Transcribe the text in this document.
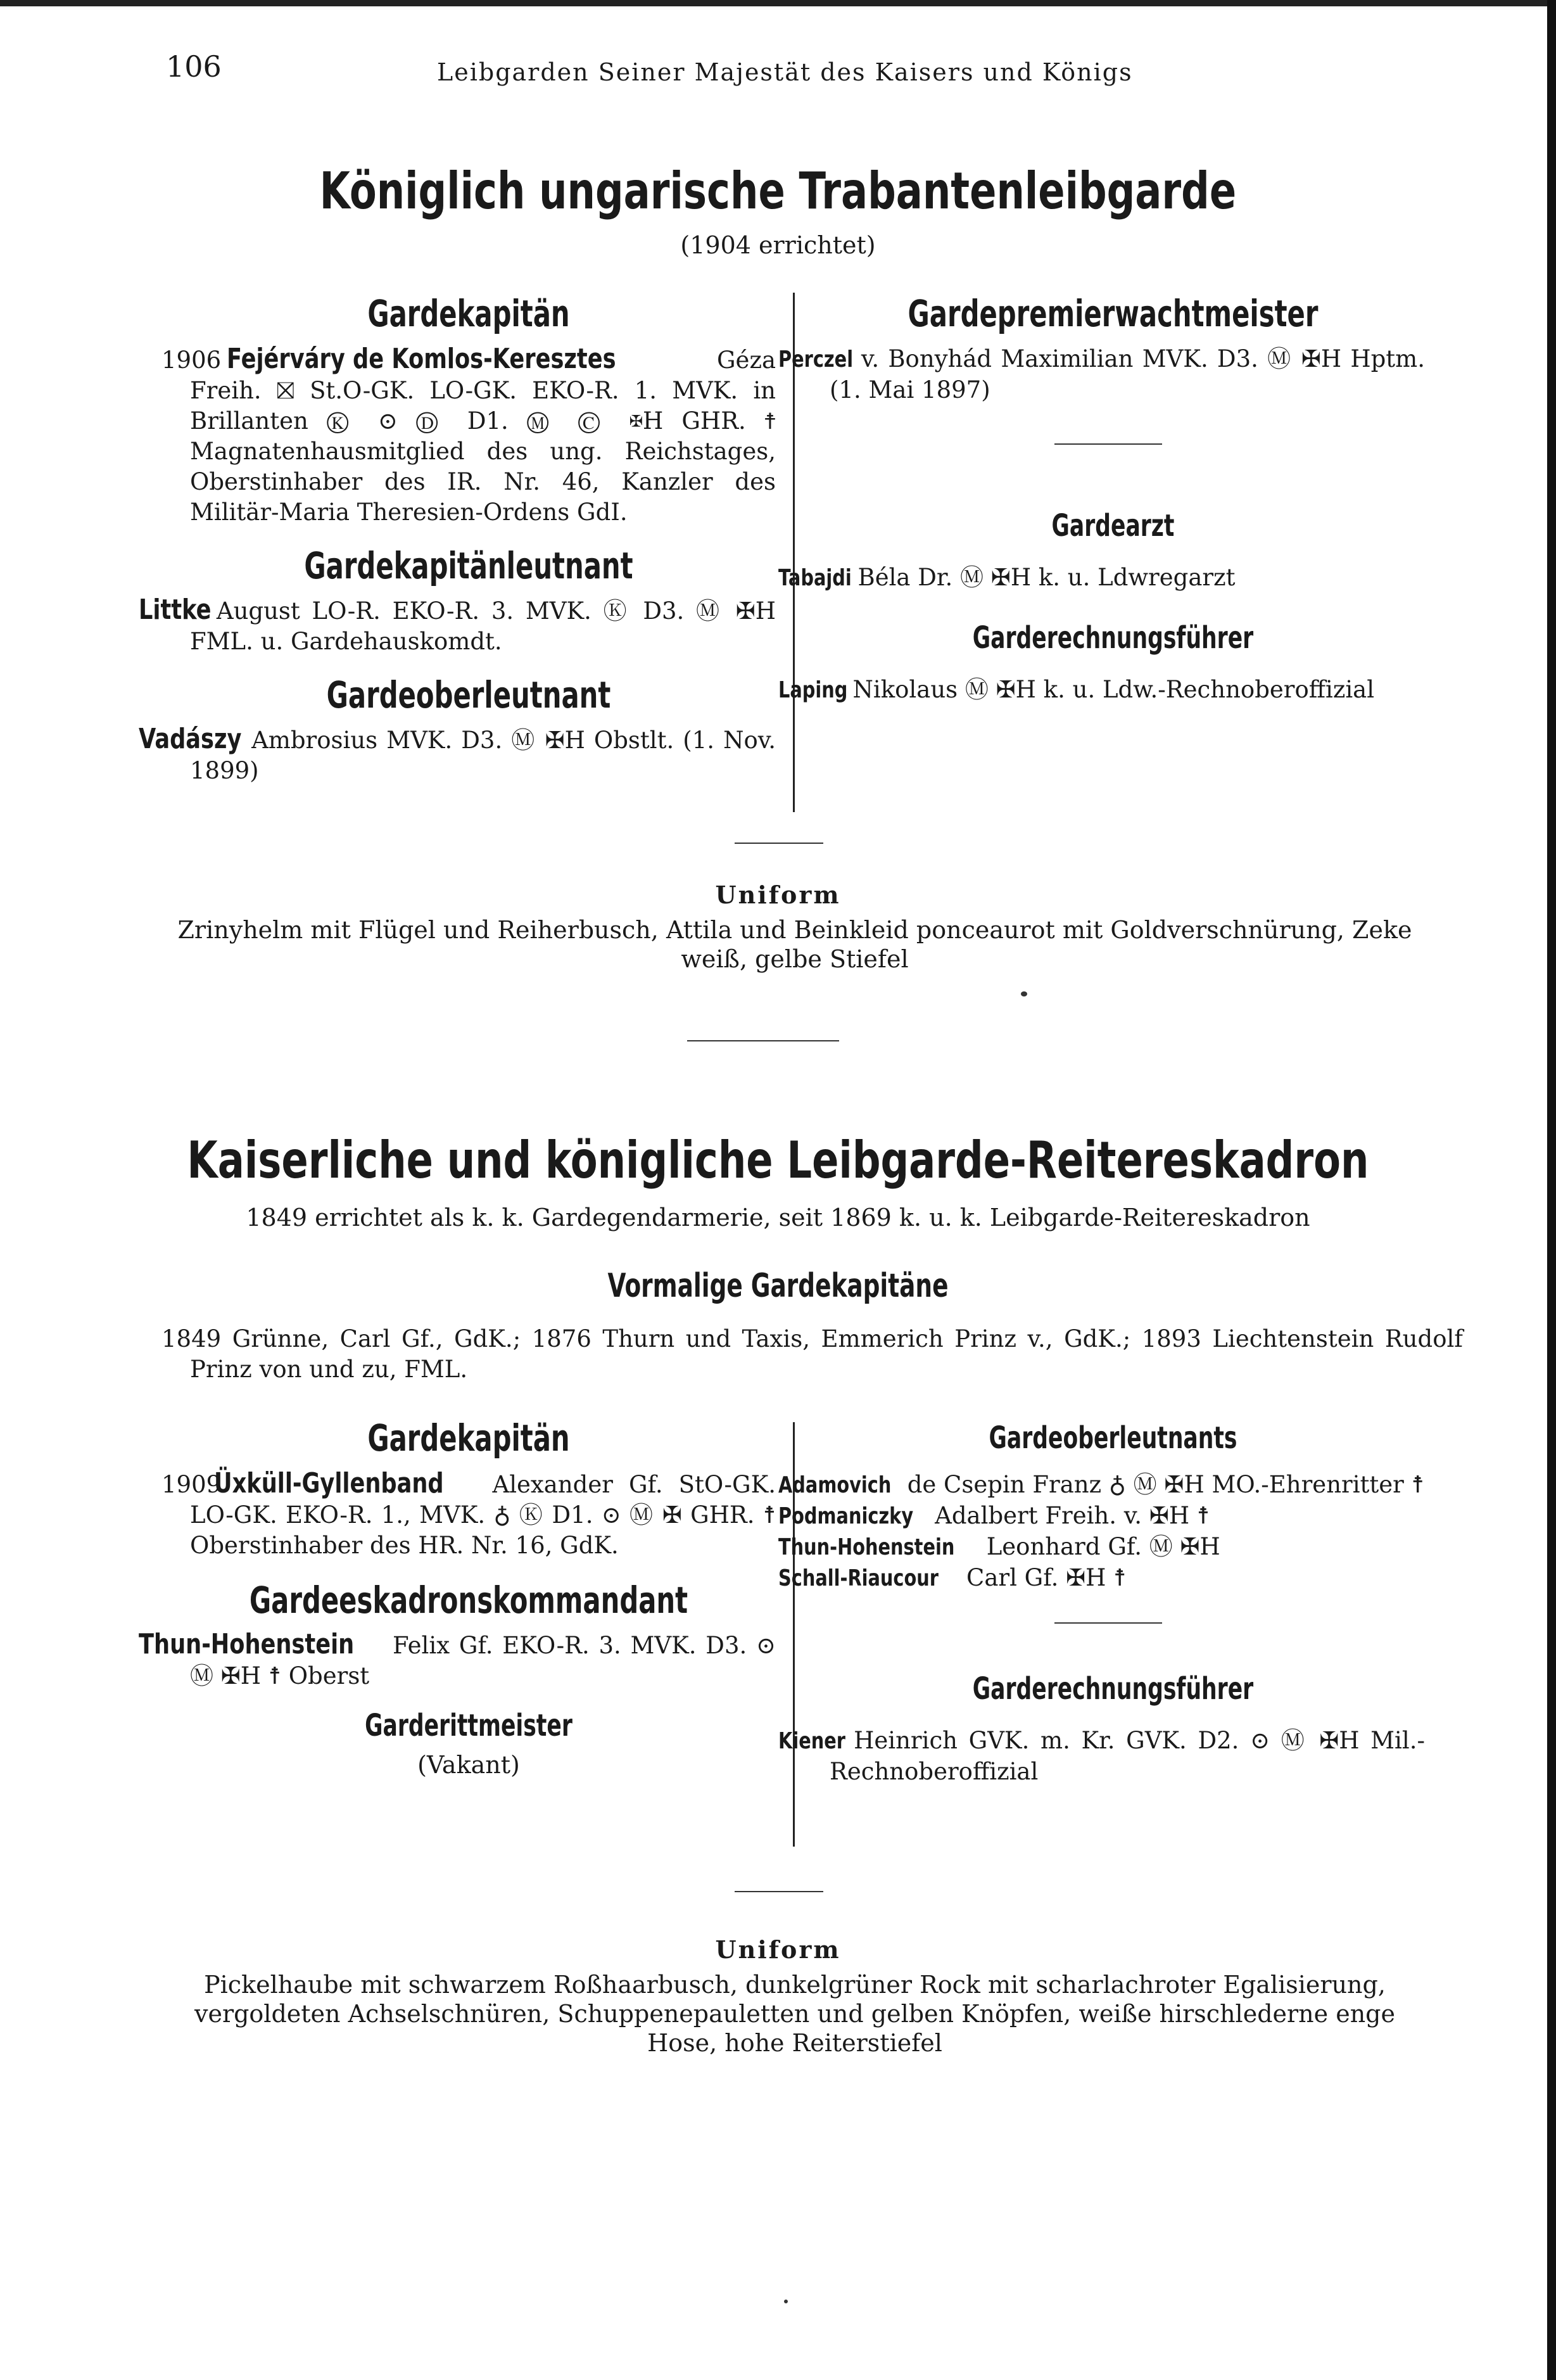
106	Leibgarden Seiner Majestät des Kaisers und Königs
Königlich ungarische Trabantenleibgarde
(1904 errichtet)

Gardekapitän

1906 Fejérváry de Komlos-Keresztes	Géza Freih. ⛝ St.O-GK. LO-GK. EKO-R. 1. MVK. in Brillanten Ⓚ ⊙ Ⓓ D1. Ⓜ Ⓒ ✠H GHR. ☨ Magnatenhausmitglied des ung. Reichstages, Oberstinhaber des IR. Nr. 46, Kanzler des Militär-Maria Theresien-Ordens GdI.

Gardekapitänleutnant

Littke August LO-R. EKO-R. 3. MVK. Ⓚ D3. Ⓜ ✠H FML. u. Gardehauskomdt.

Gardeoberleutnant

Vadászy Ambrosius MVK. D3. Ⓜ ✠H Obstlt. (1. Nov. 1899)

Gardepremierwachtmeister

Perczel v. Bonyhád Maximilian MVK. D3. Ⓜ ✠H Hptm. (1. Mai 1897)

Gardearzt

Tabajdi Béla Dr. Ⓜ ✠H k. u. Ldwregarzt

Garderechnungsführer

Laping Nikolaus Ⓜ ✠H k. u. Ldw.-Rechnoberoffizial

Uniform
Zrinyhelm mit Flügel und Reiherbusch, Attila und Beinkleid ponceaurot mit Goldverschnürung, Zeke weiß, gelbe Stiefel
Kaiserliche und königliche Leibgarde-Reitereskadron
1849 errichtet als k. k. Gardegendarmerie, seit 1869 k. u. k. Leibgarde-Reitereskadron

Vormalige Gardekapitäne

1849 Grünne, Carl Gf., GdK.; 1876 Thurn und Taxis, Emmerich Prinz v., GdK.; 1893 Liechtenstein Rudolf Prinz von und zu, FML.

Gardekapitän

1909 Üxküll-Gyllenband Alexander Gf. StO-GK. LO-GK. EKO-R. 1., MVK. ♁ Ⓚ D1. ⊙ Ⓜ ✠ GHR. ☨ Oberstinhaber des HR. Nr. 16, GdK.

Gardeeskadronskommandant

Thun-Hohenstein Felix Gf. EKO-R. 3. MVK. D3. ⊙ Ⓜ ✠H ☨ Oberst

Garderittmeister

(Vakant)

Gardeoberleutnants

Adamovich de Csepin Franz ♁ Ⓜ ✠H MO.-Ehrenritter ☨

Podmaniczky Adalbert Freih. v. ✠H ☨

Thun-Hohenstein Leonhard Gf. Ⓜ ✠H

Schall-Riaucour Carl Gf. ✠H ☨

Garderechnungsführer

Kiener Heinrich GVK. m. Kr. GVK. D2. ⊙ Ⓜ ✠H Mil.-Rechnoberoffizial

Uniform
Pickelhaube mit schwarzem Roßhaarbusch, dunkelgrüner Rock mit scharlachroter Egalisierung, vergoldeten Achselschnüren, Schuppenepauletten und gelben Knöpfen, weiße hirschlederne enge Hose, hohe Reiterstiefel
